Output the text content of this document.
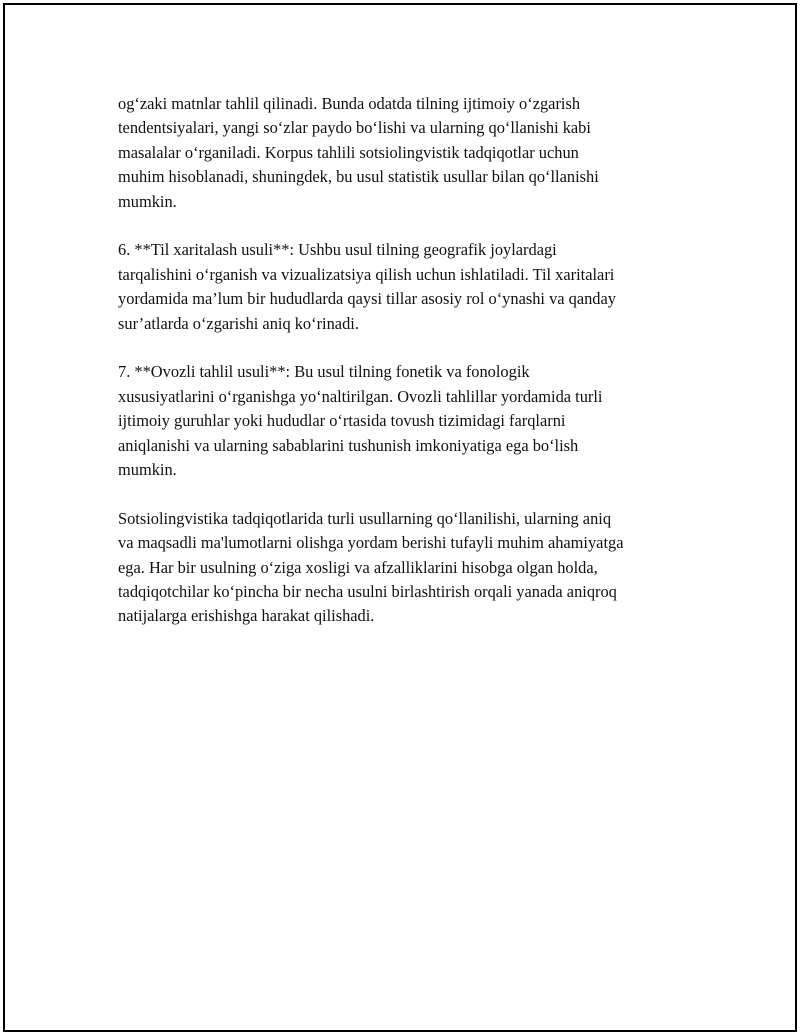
og‘zaki matnlar tahlil qilinadi. Bunda odatda tilning ijtimoiy o‘zgarish
tendentsiyalari, yangi so‘zlar paydo bo‘lishi va ularning qo‘llanishi kabi
masalalar o‘rganiladi. Korpus tahlili sotsiolingvistik tadqiqotlar uchun
muhim hisoblanadi, shuningdek, bu usul statistik usullar bilan qo‘llanishi
mumkin.

6. **Til xaritalash usuli**: Ushbu usul tilning geografik joylardagi
tarqalishini o‘rganish va vizualizatsiya qilish uchun ishlatiladi. Til xaritalari
yordamida ma’lum bir hududlarda qaysi tillar asosiy rol o‘ynashi va qanday
sur’atlarda o‘zgarishi aniq ko‘rinadi.

7. **Ovozli tahlil usuli**: Bu usul tilning fonetik va fonologik
xususiyatlarini o‘rganishga yo‘naltirilgan. Ovozli tahlillar yordamida turli
ijtimoiy guruhlar yoki hududlar o‘rtasida tovush tizimidagi farqlarni
aniqlanishi va ularning sabablarini tushunish imkoniyatiga ega bo‘lish
mumkin.

Sotsiolingvistika tadqiqotlarida turli usullarning qo‘llanilishi, ularning aniq
va maqsadli ma'lumotlarni olishga yordam berishi tufayli muhim ahamiyatga
ega. Har bir usulning o‘ziga xosligi va afzalliklarini hisobga olgan holda,
tadqiqotchilar ko‘pincha bir necha usulni birlashtirish orqali yanada aniqroq
natijalarga erishishga harakat qilishadi.
